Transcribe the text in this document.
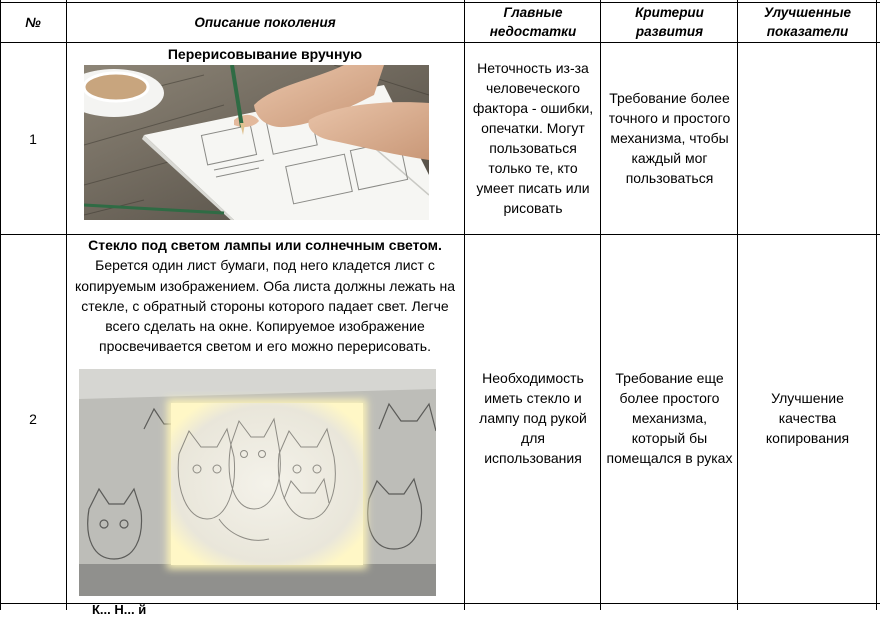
№	Описание поколения
Главные недостатки
Критерии развития
Улучшенные показатели
1
Перерисовывание вручную
Неточность из-за человеческого фактора - ошибки, опечатки. Могут пользоваться только те, кто умеет писать или рисовать
Требование более точного и простого механизма, чтобы каждый мог пользоваться
2
Стекло под светом лампы или солнечным светом. Берется один лист бумаги, под него кладется лист с копируемым изображением. Оба листа должны лежать на стекле, с обратный стороны которого падает свет. Легче всего сделать на окне. Копируемое изображение просвечивается светом и его можно перерисовать.
Необходимость иметь стекло и лампу под рукой для использования
Требование еще более простого механизма, который бы помещался в руках
Улучшение качества копирования
К... Н... й
